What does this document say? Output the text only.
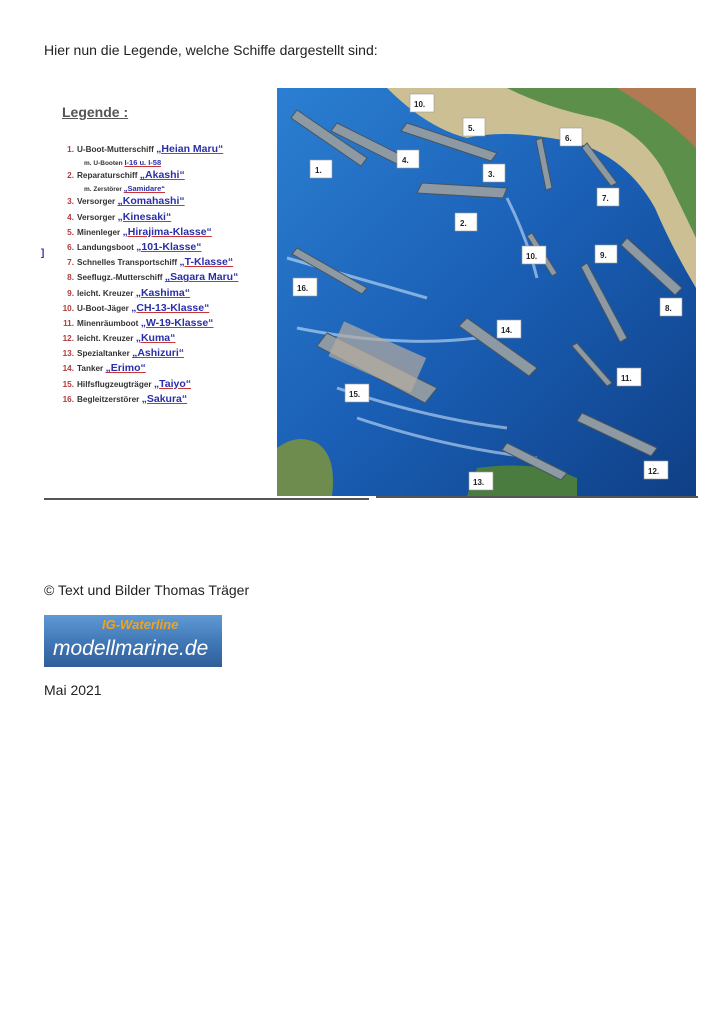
Hier nun die Legende, welche Schiffe dargestellt sind:
]
Legende :
1. U-Boot-Mutterschiff „Heian Maru“
m. U-Booten I-16 u. I-58
2. Reparaturschiff „Akashi“
m. Zerstörer „Samidare“
3. Versorger „Komahashi“
4. Versorger „Kinesaki“
5. Minenleger „Hirajima-Klasse“
6. Landungsboot „101-Klasse“
7. Schnelles Transportschiff „T-Klasse“
8. Seeflugz.-Mutterschiff „Sagara Maru“
9. leicht. Kreuzer „Kashima“
10. U-Boot-Jäger „CH-13-Klasse“
11. Minenräumboot „W-19-Klasse“
12. leicht. Kreuzer „Kuma“
13. Spezialtanker „Ashizuri“
14. Tanker „Erimo“
15. Hilfsflugzeugträger „Taiyo“
16. Begleitzerstörer „Sakura“
1.
2.
3.
4.
5.
6.
7.
8.
9.
10.
10.
11.
12.
13.
14.
15.
16.
© Text und Bilder Thomas Träger
IG-Waterline
modellmarine.de
Mai 2021
